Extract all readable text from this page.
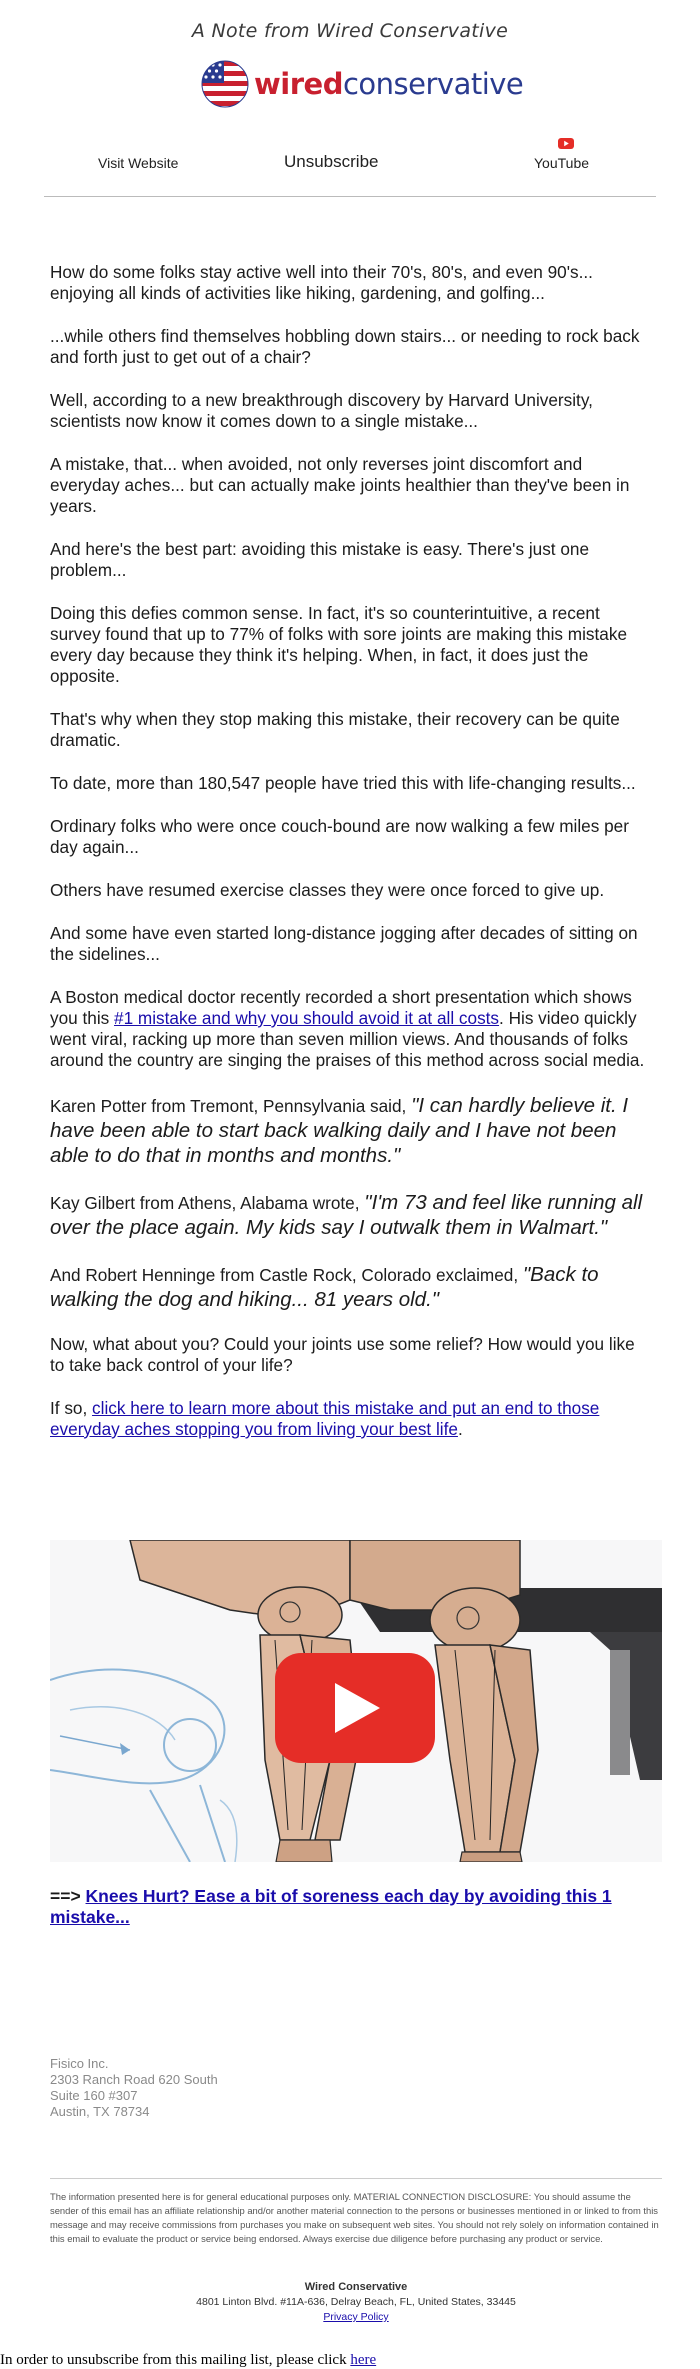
A Note from Wired Conservative
wiredconservative
Visit Website	Unsubscribe	YouTube

How do some folks stay active well into their 70's, 80's, and even 90's... enjoying all kinds of activities like hiking, gardening, and golfing...

...while others find themselves hobbling down stairs... or needing to rock back and forth just to get out of a chair?

Well, according to a new breakthrough discovery by Harvard University, scientists now know it comes down to a single mistake...

A mistake, that... when avoided, not only reverses joint discomfort and everyday aches... but can actually make joints healthier than they've been in years.

And here's the best part: avoiding this mistake is easy. There's just one problem...

Doing this defies common sense. In fact, it's so counterintuitive, a recent survey found that up to 77% of folks with sore joints are making this mistake every day because they think it's helping. When, in fact, it does just the opposite.

That's why when they stop making this mistake, their recovery can be quite dramatic.

To date, more than 180,547 people have tried this with life-changing results...

Ordinary folks who were once couch-bound are now walking a few miles per day again...

Others have resumed exercise classes they were once forced to give up.

And some have even started long-distance jogging after decades of sitting on the sidelines...

A Boston medical doctor recently recorded a short presentation which shows you this #1 mistake and why you should avoid it at all costs. His video quickly went viral, racking up more than seven million views. And thousands of folks around the country are singing the praises of this method across social media.

Karen Potter from Tremont, Pennsylvania said, "I can hardly believe it. I have been able to start back walking daily and I have not been able to do that in months and months."

Kay Gilbert from Athens, Alabama wrote, "I'm 73 and feel like running all over the place again. My kids say I outwalk them in Walmart."

And Robert Henninge from Castle Rock, Colorado exclaimed, "Back to walking the dog and hiking... 81 years old."

Now, what about you? Could your joints use some relief? How would you like to take back control of your life?

If so, click here to learn more about this mistake and put an end to those everyday aches stopping you from living your best life.

==> Knees Hurt? Ease a bit of soreness each day by avoiding this 1 mistake...
Fisico Inc.
2303 Ranch Road 620 South
Suite 160 #307
Austin, TX 78734
The information presented here is for general educational purposes only. MATERIAL CONNECTION DISCLOSURE: You should assume the sender of this email has an affiliate relationship and/or another material connection to the persons or businesses mentioned in or linked to from this message and may receive commissions from purchases you make on subsequent web sites. You should not rely solely on information contained in this email to evaluate the product or service being endorsed. Always exercise due diligence before purchasing any product or service.
Wired Conservative
4801 Linton Blvd. #11A-636, Delray Beach, FL, United States, 33445
Privacy Policy
In order to unsubscribe from this mailing list, please click here
